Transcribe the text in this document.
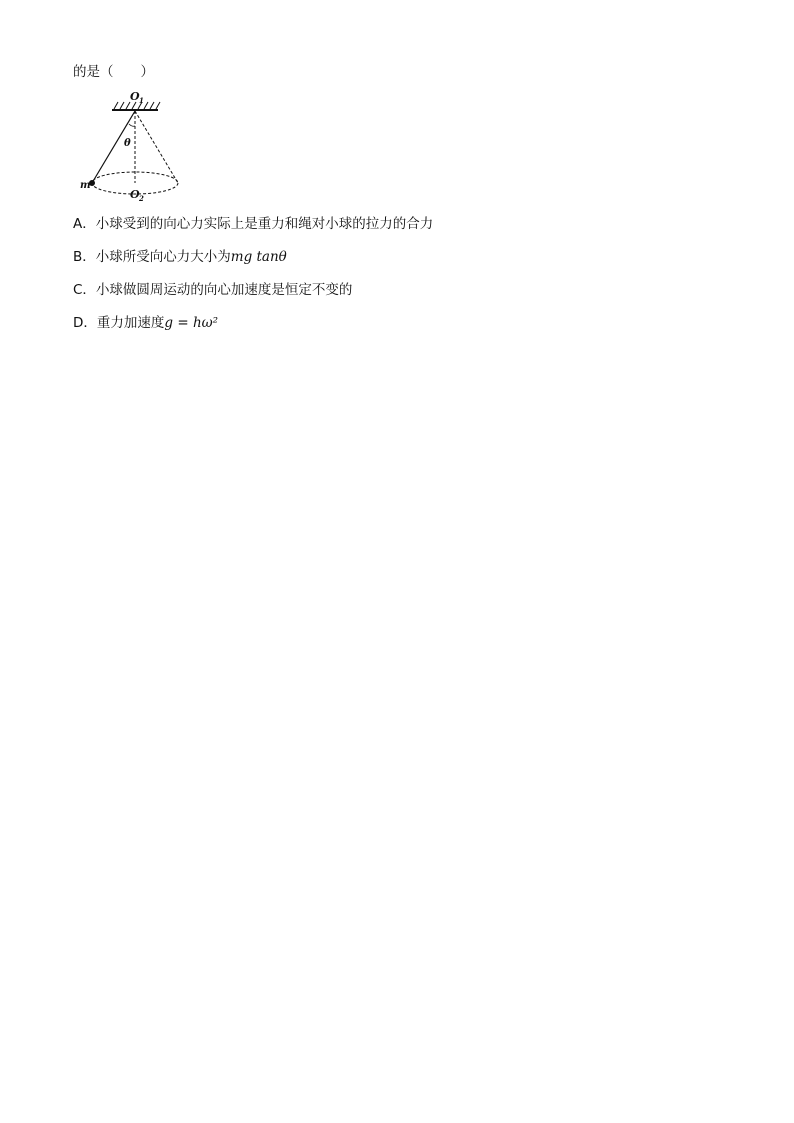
的是（　　）
O 1
θ
m
O 2
A．小球受到的向心力实际上是重力和绳对小球的拉力的合力
B．小球所受向心力大小为mg tanθ
C．小球做圆周运动的向心加速度是恒定不变的
D．重力加速度g = hω²
